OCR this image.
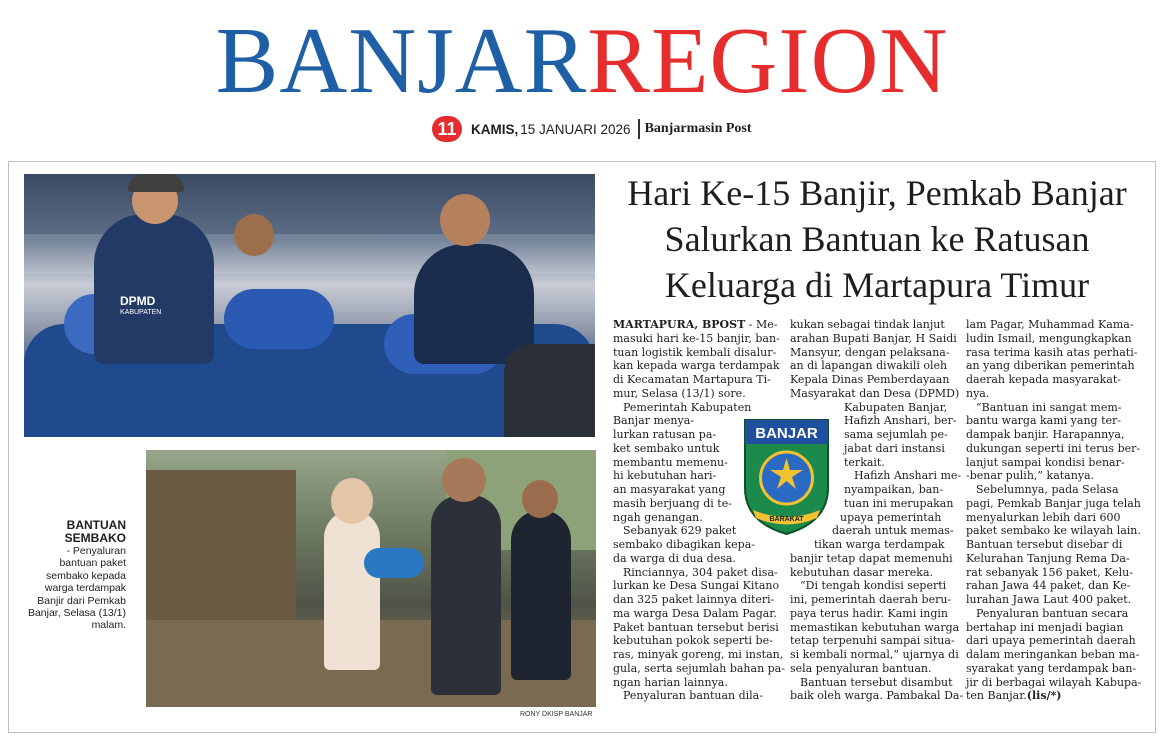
BANJARREGION
11	KAMIS, 15 JANUARI 2026 Banjarmasin Post
DPMD
KABUPATEN
RONY DKISP BANJAR
BANTUAN
SEMBAKO
- Penyaluran
bantuan paket
sembako kepada
warga terdampak
Banjir dari Pemkab
Banjar, Selasa (13/1)
malam.
Hari Ke-15 Banjir, Pemkab Banjar Salurkan Bantuan ke Ratusan Keluarga di Martapura Timur

MARTAPURA, BPOST - Me-

masuki hari ke-15 banjir, ban-

tuan logistik kembali disalur-

kan kepada warga terdampak

di Kecamatan Martapura Ti-

mur, Selasa (13/1) sore.

Pemerintah Kabupaten

Banjar menya-

lurkan ratusan pa-

ket sembako untuk

membantu memenu-

hi kebutuhan hari-

an masyarakat yang

masih berjuang di te-

ngah genangan.

Sebanyak 629 paket

sembako dibagikan kepa-

da warga di dua desa.

Rinciannya, 304 paket disa-

lurkan ke Desa Sungai Kitano

dan 325 paket lainnya diteri-

ma warga Desa Dalam Pagar.

Paket bantuan tersebut berisi

kebutuhan pokok seperti be-

ras, minyak goreng, mi instan,

gula, serta sejumlah bahan pa-

ngan harian lainnya.

Penyaluran bantuan dila-

kukan sebagai tindak lanjut

arahan Bupati Banjar, H Saidi

Mansyur, dengan pelaksana-

an di lapangan diwakili oleh

Kepala Dinas Pemberdayaan

Masyarakat dan Desa (DPMD)

Kabupaten Banjar,

Hafizh Anshari, ber-

sama sejumlah pe-

jabat dari instansi

terkait.

Hafizh Anshari me-

nyampaikan, ban-

tuan ini merupakan

upaya pemerintah

daerah untuk memas-

tikan warga terdampak

banjir tetap dapat memenuhi

kebutuhan dasar mereka.

“Di tengah kondisi seperti

ini, pemerintah daerah beru-

paya terus hadir. Kami ingin

memastikan kebutuhan warga

tetap terpenuhi sampai situa-

si kembali normal,” ujarnya di

sela penyaluran bantuan.

Bantuan tersebut disambut

baik oleh warga. Pambakal Da-

lam Pagar, Muhammad Kama-

ludin Ismail, mengungkapkan

rasa terima kasih atas perhati-

an yang diberikan pemerintah

daerah kepada masyarakat-

nya.

“Bantuan ini sangat mem-

bantu warga kami yang ter-

dampak banjir. Harapannya,

dukungan seperti ini terus ber-

lanjut sampai kondisi benar-

-benar pulih,” katanya.

Sebelumnya, pada Selasa

pagi, Pemkab Banjar juga telah

menyalurkan lebih dari 600

paket sembako ke wilayah lain.

Bantuan tersebut disebar di

Kelurahan Tanjung Rema Da-

rat sebanyak 156 paket, Kelu-

rahan Jawa 44 paket, dan Ke-

lurahan Jawa Laut 400 paket.

Penyaluran bantuan secara

bertahap ini menjadi bagian

dari upaya pemerintah daerah

dalam meringankan beban ma-

syarakat yang terdampak ban-

jir di berbagai wilayah Kabupa-

ten Banjar.(lis/*)

BANJAR
BARAKAT
